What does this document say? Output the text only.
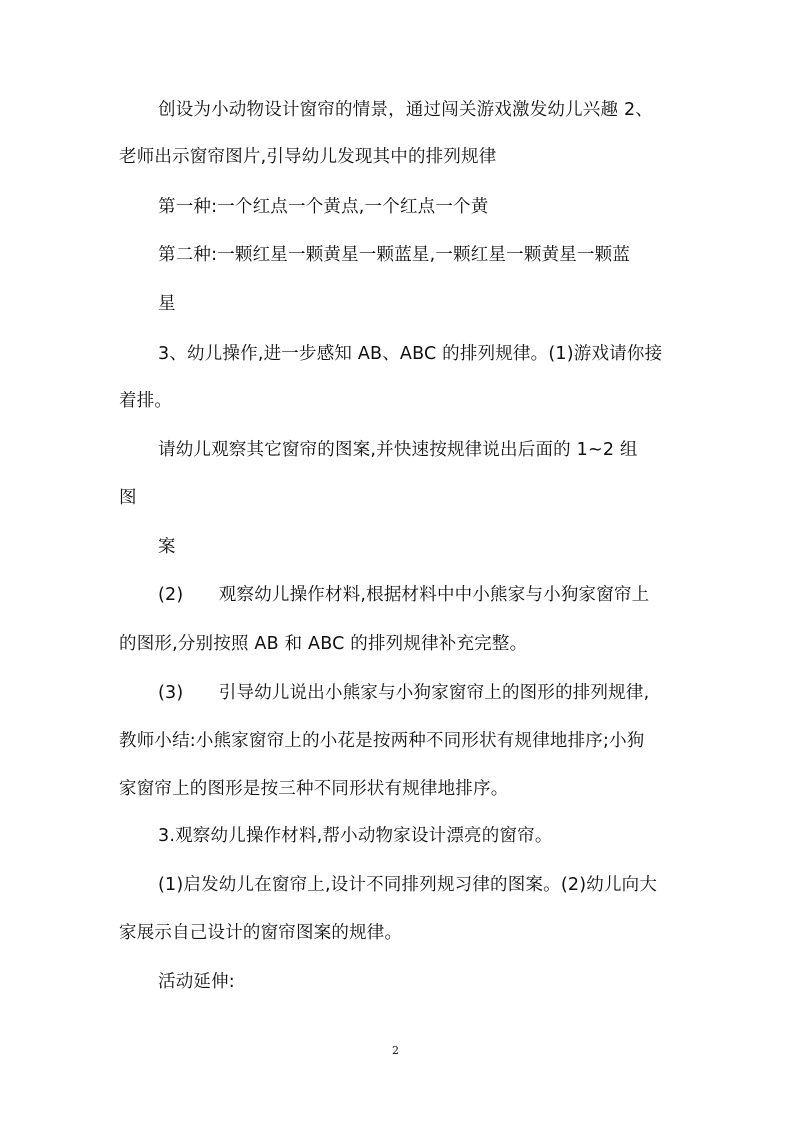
创设为小动物设计窗帘的情景，通过闯关游戏激发幼儿兴趣 2、
老师出示窗帘图片,引导幼儿发现其中的排列规律
第一种:一个红点一个黄点,一个红点一个黄
第二种:一颗红星一颗黄星一颗蓝星,一颗红星一颗黄星一颗蓝
星
3、幼儿操作,进一步感知 AB、ABC 的排列规律。(1)游戏请你接
着排。
请幼儿观察其它窗帘的图案,并快速按规律说出后面的 1~2 组
图
案
(2)　　观察幼儿操作材料,根据材料中中小熊家与小狗家窗帘上
的图形,分别按照 AB 和 ABC 的排列规律补充完整。
(3)　　引导幼儿说出小熊家与小狗家窗帘上的图形的排列规律,
教师小结:小熊家窗帘上的小花是按两种不同形状有规律地排序;小狗
家窗帘上的图形是按三种不同形状有规律地排序。
3.观察幼儿操作材料,帮小动物家设计漂亮的窗帘。
(1)启发幼儿在窗帘上,设计不同排列规习律的图案。(2)幼儿向大
家展示自己设计的窗帘图案的规律。
活动延伸:
2
